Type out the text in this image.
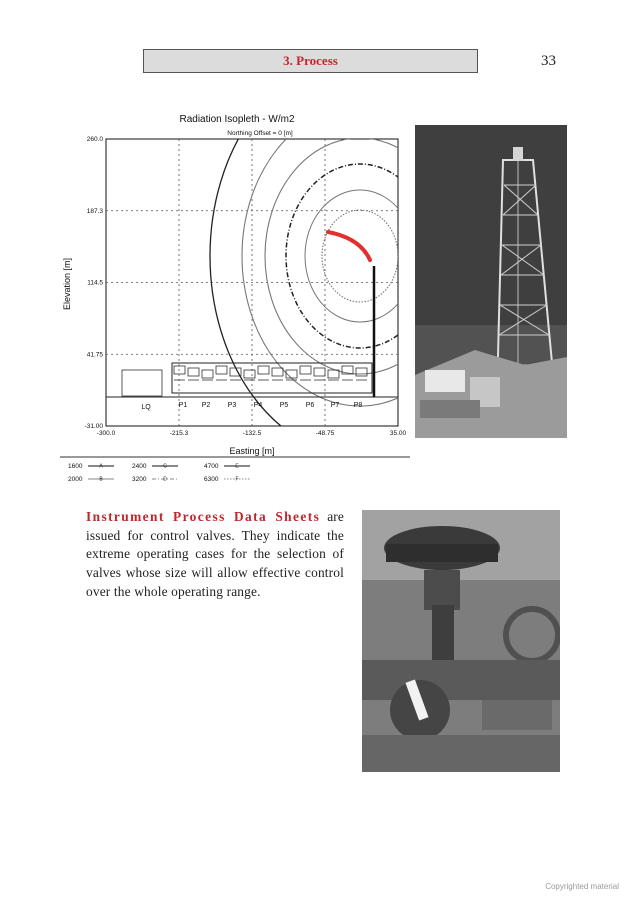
3. Process	33
Radiation Isopleth - W/m2
Northing Offset = 0 [m]
-300.0	-215.3	-132.5	-48.75	35.00
260.0
187.3
114.5
41.75
-31.00
LQ	P1 P2 P3 P4 P5 P6 P7 P8
Easting [m]
Elevation [m]
1600	A
2000	B
2400	C
3200	D
4700	E
6300	F
Instrument Process Data Sheets are issued for control valves. They indicate the extreme operating cases for the selection of valves whose size will allow effective control over the whole operating range.
Copyrighted material
